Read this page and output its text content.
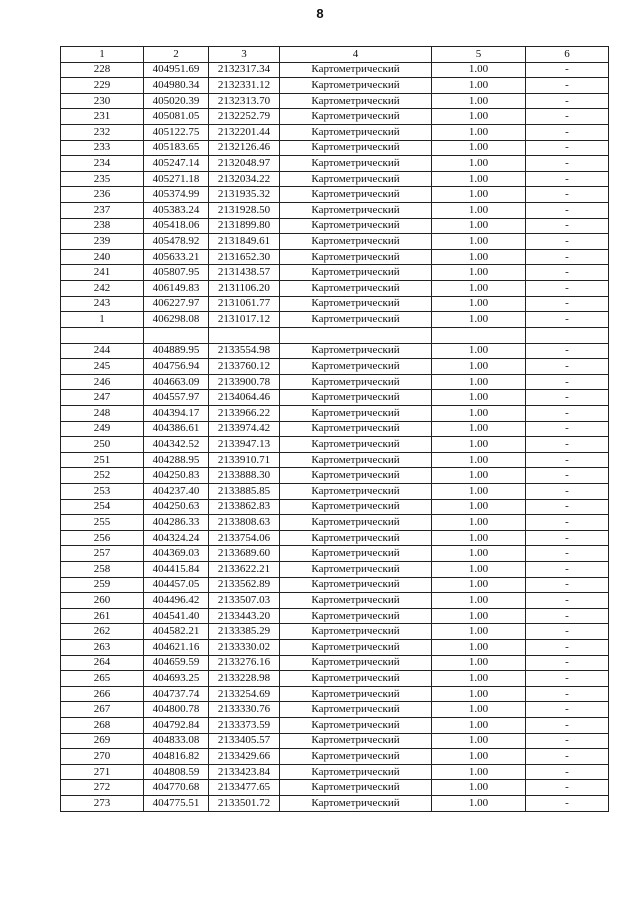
8
1	2	3	4	5	6
228	404951.69	2132317.34	Картометрический	1.00	-
229	404980.34	2132331.12	Картометрический	1.00	-
230	405020.39	2132313.70	Картометрический	1.00	-
231	405081.05	2132252.79	Картометрический	1.00	-
232	405122.75	2132201.44	Картометрический	1.00	-
233	405183.65	2132126.46	Картометрический	1.00	-
234	405247.14	2132048.97	Картометрический	1.00	-
235	405271.18	2132034.22	Картометрический	1.00	-
236	405374.99	2131935.32	Картометрический	1.00	-
237	405383.24	2131928.50	Картометрический	1.00	-
238	405418.06	2131899.80	Картометрический	1.00	-
239	405478.92	2131849.61	Картометрический	1.00	-
240	405633.21	2131652.30	Картометрический	1.00	-
241	405807.95	2131438.57	Картометрический	1.00	-
242	406149.83	2131106.20	Картометрический	1.00	-
243	406227.97	2131061.77	Картометрический	1.00	-
1	406298.08	2131017.12	Картометрический	1.00	-

244	404889.95	2133554.98	Картометрический	1.00	-
245	404756.94	2133760.12	Картометрический	1.00	-
246	404663.09	2133900.78	Картометрический	1.00	-
247	404557.97	2134064.46	Картометрический	1.00	-
248	404394.17	2133966.22	Картометрический	1.00	-
249	404386.61	2133974.42	Картометрический	1.00	-
250	404342.52	2133947.13	Картометрический	1.00	-
251	404288.95	2133910.71	Картометрический	1.00	-
252	404250.83	2133888.30	Картометрический	1.00	-
253	404237.40	2133885.85	Картометрический	1.00	-
254	404250.63	2133862.83	Картометрический	1.00	-
255	404286.33	2133808.63	Картометрический	1.00	-
256	404324.24	2133754.06	Картометрический	1.00	-
257	404369.03	2133689.60	Картометрический	1.00	-
258	404415.84	2133622.21	Картометрический	1.00	-
259	404457.05	2133562.89	Картометрический	1.00	-
260	404496.42	2133507.03	Картометрический	1.00	-
261	404541.40	2133443.20	Картометрический	1.00	-
262	404582.21	2133385.29	Картометрический	1.00	-
263	404621.16	2133330.02	Картометрический	1.00	-
264	404659.59	2133276.16	Картометрический	1.00	-
265	404693.25	2133228.98	Картометрический	1.00	-
266	404737.74	2133254.69	Картометрический	1.00	-
267	404800.78	2133330.76	Картометрический	1.00	-
268	404792.84	2133373.59	Картометрический	1.00	-
269	404833.08	2133405.57	Картометрический	1.00	-
270	404816.82	2133429.66	Картометрический	1.00	-
271	404808.59	2133423.84	Картометрический	1.00	-
272	404770.68	2133477.65	Картометрический	1.00	-
273	404775.51	2133501.72	Картометрический	1.00	-
